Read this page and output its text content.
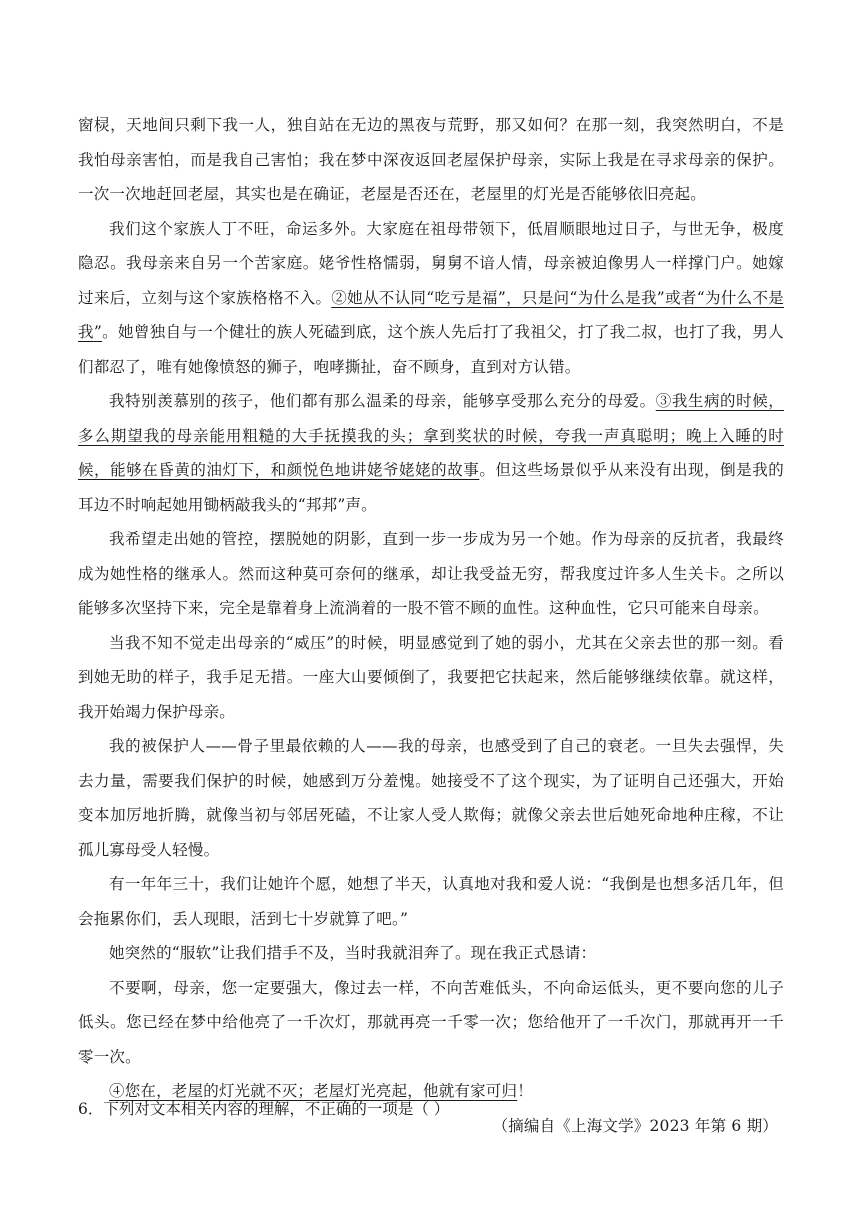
窗棂，天地间只剩下我一人，独自站在无边的黑夜与荒野，那又如何？在那一刻，我突然明白，不是我怕母亲害怕，而是我自己害怕；我在梦中深夜返回老屋保护母亲，实际上我是在寻求母亲的保护。一次一次地赶回老屋，其实也是在确证，老屋是否还在，老屋里的灯光是否能够依旧亮起。

我们这个家族人丁不旺，命运多外。大家庭在祖母带领下，低眉顺眼地过日子，与世无争，极度隐忍。我母亲来自另一个苦家庭。姥爷性格懦弱，舅舅不谙人情，母亲被迫像男人一样撑门户。她嫁过来后，立刻与这个家族格格不入。②她从不认同“吃亏是福”，只是问“为什么是我”或者“为什么不是我”。她曾独自与一个健壮的族人死磕到底，这个族人先后打了我祖父，打了我二叔，也打了我，男人们都忍了，唯有她像愤怒的狮子，咆哮撕扯，奋不顾身，直到对方认错。

我特别羡慕别的孩子，他们都有那么温柔的母亲，能够享受那么充分的母爱。③我生病的时候，多么期望我的母亲能用粗糙的大手抚摸我的头；拿到奖状的时候，夸我一声真聪明；晚上入睡的时候，能够在昏黄的油灯下，和颜悦色地讲姥爷姥姥的故事。但这些场景似乎从来没有出现，倒是我的耳边不时响起她用锄柄敲我头的“邦邦”声。

我希望走出她的管控，摆脱她的阴影，直到一步一步成为另一个她。作为母亲的反抗者，我最终成为她性格的继承人。然而这种莫可奈何的继承，却让我受益无穷，帮我度过许多人生关卡。之所以能够多次坚持下来，完全是靠着身上流淌着的一股不管不顾的血性。这种血性，它只可能来自母亲。

当我不知不觉走出母亲的“威压”的时候，明显感觉到了她的弱小，尤其在父亲去世的那一刻。看到她无助的样子，我手足无措。一座大山要倾倒了，我要把它扶起来，然后能够继续依靠。就这样，我开始竭力保护母亲。

我的被保护人——骨子里最依赖的人——我的母亲，也感受到了自己的衰老。一旦失去强悍，失去力量，需要我们保护的时候，她感到万分羞愧。她接受不了这个现实，为了证明自己还强大，开始变本加厉地折腾，就像当初与邻居死磕，不让家人受人欺侮；就像父亲去世后她死命地种庄稼，不让孤儿寡母受人轻慢。

有一年年三十，我们让她许个愿，她想了半天，认真地对我和爱人说：“我倒是也想多活几年，但会拖累你们，丢人现眼，活到七十岁就算了吧。”

她突然的“服软”让我们措手不及，当时我就泪奔了。现在我正式恳请：

不要啊，母亲，您一定要强大，像过去一样，不向苦难低头，不向命运低头，更不要向您的儿子低头。您已经在梦中给他亮了一千次灯，那就再亮一千零一次；您给他开了一千次门，那就再开一千零一次。

④您在，老屋的灯光就不灭；老屋灯光亮起，他就有家可归！

（摘编自《上海文学》2023 年第 6 期）

6．下列对文本相关内容的理解，不正确的一项是（ ）
